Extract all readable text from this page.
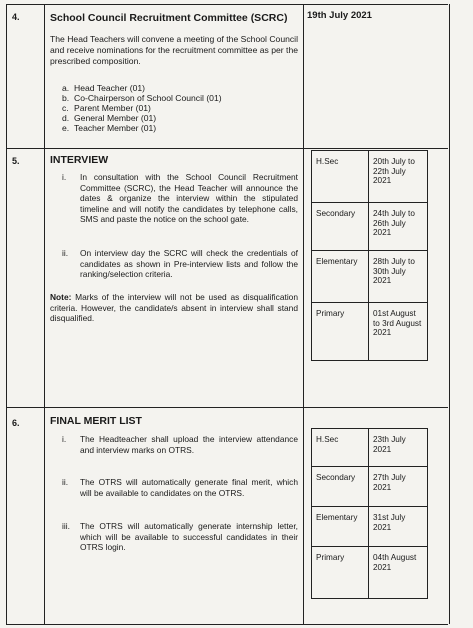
4.	School Council Recruitment Committee (SCRC) 19th July 2021
The Head Teachers will convene a meeting of the School Council and receive nominations for the recruitment committee as per the prescribed composition.
a. Head Teacher (01)
b. Co-Chairperson of School Council (01)
c. Parent Member (01)
d. General Member (01)
e. Teacher Member (01)
5.	INTERVIEW
i.	In consultation with the School Council Recruitment Committee (SCRC), the Head Teacher will announce the dates & organize the interview within the stipulated timeline and will notify the candidates by telephone calls, SMS and paste the notice on the school gate.
ii.	On interview day the SCRC will check the credentials of candidates as shown in Pre-interview lists and follow the ranking/selection criteria.
Note: Marks of the interview will not be used as disqualification criteria. However, the candidate/s absent in interview shall stand disqualified.
H.Sec	20th July to 22th July 2021
Secondary	24th July to 26th July 2021
Elementary	28th July to 30th July 2021
Primary	01st August to 3rd August 2021
6.	FINAL MERIT LIST
i.	The Headteacher shall upload the interview attendance and interview marks on OTRS.
ii.	The OTRS will automatically generate final merit, which will be available to candidates on the OTRS.
iii.	The OTRS will automatically generate internship letter, which will be available to successful candidates in their OTRS login.
H.Sec	23th July 2021
Secondary	27th July 2021
Elementary	31st July 2021
Primary	04th August 2021
